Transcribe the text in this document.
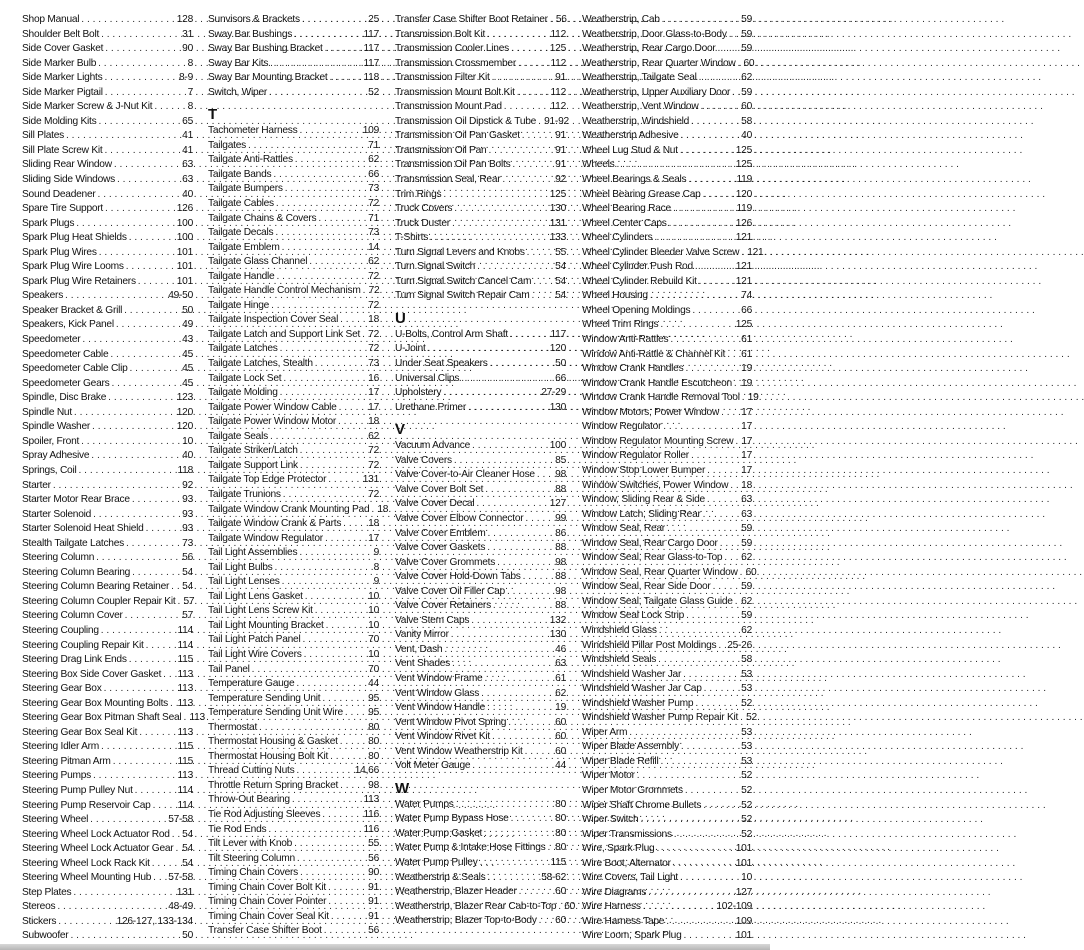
Shop Manual . . .	128
Shoulder Belt Bolt . . .	31
Side Cover Gasket . . .	90
Side Marker Bulb . . .	8
Side Marker Lights . . .	8-9
Side Marker Pigtail . . .	7
Side Marker Screw & J-Nut Kit . . .	8
Side Molding Kits . . .	65
Sill Plates . . .	41
Sill Plate Screw Kit . . .	41
Sliding Rear Window . . .	63
Sliding Side Windows . . .	63
Sound Deadener . . .	40
Spare Tire Support . . .	126
Spark Plugs . . .	100
Spark Plug Heat Shields . . .	100
Spark Plug Wires . . .	101
Spark Plug Wire Looms . . .	101
Spark Plug Wire Retainers . . .	101
Speakers . . .	49-50
Speaker Bracket & Grill . . .	50
Speakers, Kick Panel . . .	49
Speedometer . . .	43
Speedometer Cable . . .	45
Speedometer Cable Clip . . .	45
Speedometer Gears . . .	45
Spindle, Disc Brake . . .	123
Spindle Nut . . .	120
Spindle Washer . . .	120
Spoiler, Front . . .	10
Spray Adhesive . . .	40
Springs, Coil . . .	118
Starter . . .	92
Starter Motor Rear Brace . . .	93
Starter Solenoid . . .	93
Starter Solenoid Heat Shield . . .	93
Stealth Tailgate Latches . . .	73
Steering Column . . .	56
Steering Column Bearing . . .	54
Steering Column Bearing Retainer . . . 54
Steering Column Coupler Repair Kit . . . 57
Steering Column Cover . . .	57
Steering Coupling . . .	114
Steering Coupling Repair Kit . . .	114
Steering Drag Link Ends . . .	115
Steering Box Side Cover Gasket . . . 113
Steering Gear Box . . .	113
Steering Gear Box Mounting Bolts . . . 113
Steering Gear Box Pitman Shaft Seal . . . 113
Steering Gear Box Seal Kit . . .	113
Steering Idler Arm . . .	115
Steering Pitman Arm . . .	115
Steering Pumps . . .	113
Steering Pump Pulley Nut . . .	114
Steering Pump Reservoir Cap . . .	114
Steering Wheel . . .	57-58
Steering Wheel Lock Actuator Rod . . . 54
Steering Wheel Lock Actuator Gear . . . 54
Steering Wheel Lock Rack Kit . . .	54
Steering Wheel Mounting Hub . . . 57-58
Step Plates . . .	131
Stereos . . .	48-49
Stickers . . .	126-127, 133-134
Subwoofer . . .	50
Sunvisors & Brackets . . .	25
Sway Bar Bushings . . .	117
Sway Bar Bushing Bracket . . .	117
Sway Bar Kits . . .	117
Sway Bar Mounting Bracket . . .	118
Switch, Wiper . . .	52
T
Tachometer Harness . . .	109
Tailgates . . .	71
Tailgate Anti-Rattles . . .	62
Tailgate Bands . . .	66
Tailgate Bumpers . . .	73
Tailgate Cables . . .	72
Tailgate Chains & Covers . . .	71
Tailgate Decals . . .	73
Tailgate Emblem . . .	14
Tailgate Glass Channel . . .	62
Tailgate Handle . . .	72
Tailgate Handle Control Mechanism . . . 72
Tailgate Hinge . . .	72
Tailgate Inspection Cover Seal . . .	18
Tailgate Latch and Support Link Set . . . 72
Tailgate Latches . . .	72
Tailgate Latches, Stealth . . .	73
Tailgate Lock Set . . .	16
Tailgate Molding . . .	17
Tailgate Power Window Cable . . .	17
Tailgate Power Window Motor . . .	18
Tailgate Seals . . .	62
Tailgate Striker/Latch . . .	72
Tailgate Support Link . . .	72
Tailgate Top Edge Protector . . .	131
Tailgate Trunions . . .	72
Tailgate Window Crank Mounting Pad . . . 18
Tailgate Window Crank & Parts . . .	18
Tailgate Window Regulator . . .	17
Tail Light Assemblies . . .	9
Tail Light Bulbs . . .	8
Tail Light Lenses . . .	9
Tail Light Lens Gasket . . .	10
Tail Light Lens Screw Kit . . .	10
Tail Light Mounting Bracket . . .	10
Tail Light Patch Panel . . .	70
Tail Light Wire Covers . . .	10
Tail Panel . . .	70
Temperature Gauge . . .	44
Temperature Sending Unit . . .	95
Temperature Sending Unit Wire . . . 95
Thermostat . . .	80
Thermostat Housing & Gasket . . .	80
Thermostat Housing Bolt Kit . . .	80
Thread Cutting Nuts . . .	14,66
Throttle Return Spring Bracket . . .	98
Throw-Out Bearing . . .	113
Tie Rod Adjusting Sleeves . . .	116
Tie Rod Ends . . .	116
Tilt Lever with Knob . . .	55
Tilt Steering Column . . .	56
Timing Chain Covers . . .	90
Timing Chain Cover Bolt Kit . . .	91
Timing Chain Cover Pointer . . .	91
Timing Chain Cover Seal Kit . . .	91
Transfer Case Shifter Boot . . .	56
Transfer Case Shifter Boot Retainer . . . 56
Transmission Bolt Kit . . .	112
Transmission Cooler Lines . . .	125
Transmission Crossmember . . .	112
Transmission Filter Kit . . .	91
Transmission Mount Bolt Kit . . .	112
Transmission Mount Pad . . .	112
Transmission Oil Dipstick & Tube . . . 91-92
Transmission Oil Pan Gasket . . .	91
Transmission Oil Pan . . .	91
Transmission Oil Pan Bolts . . .	91
Transmission Seal, Rear . . .	92
Trim Rings . . .	125
Truck Covers . . .	130
Truck Duster . . .	131
T-Shirts . . .	133
Turn Signal Levers and Knobs . . .	55
Turn Signal Switch . . .	54
Turn Signal Switch Cancel Cam . . . 54
Turn Signal Switch Repair Cam . . .	54
U
U-Bolts, Control Arm Shaft . . .	117
U-Joint . . .	120
Under Seat Speakers . . .	50
Universal Clips . . .	66
Upholstery . . .	27-29
Urethane Primer . . .	130
V
Vacuum Advance . . .	100
Valve Covers . . .	85
Valve Cover-to-Air Cleaner Hose . . . 98
Valve Cover Bolt Set . . .	88
Valve Cover Decal . . .	127
Valve Cover Elbow Connector . . .	99
Valve Cover Emblem . . .	86
Valve Cover Gaskets . . .	88
Valve Cover Grommets . . .	98
Valve Cover Hold-Down Tabs . . .	88
Valve Cover Oil Filler Cap . . .	98
Valve Cover Retainers . . .	88
Valve Stem Caps . . .	132
Vanity Mirror . . .	130
Vent, Dash . . .	46
Vent Shades . . .	63
Vent Window Frame . . .	61
Vent Window Glass . . .	62
Vent Window Handle . . .	19
Vent Window Pivot Spring . . .	60
Vent Window Rivet Kit . . .	60
Vent Window Weatherstrip Kit . . .	60
Volt Meter Gauge . . .	44
W
Water Pumps . . .	80
Water Pump Bypass Hose . . .	80
Water Pump Gasket . . .	80
Water Pump & Intake Hose Fittings . . . 80
Water Pump Pulley . . .	115
Weatherstrip & Seals . . .	58-62
Weatherstrip, Blazer Header . . .	60
Weatherstrip, Blazer Rear Cab-to-Top . . . 60
Weatherstrip, Blazer Top-to-Body . . . 60
Weatherstrip, Cab . . .	59
Weatherstrip, Door Glass-to-Body . . . 59
Weatherstrip, Rear Cargo Door . . .	59
Weatherstrip, Rear Quarter Window . . . 60
Weatherstrip, Tailgate Seal . . .	62
Weatherstrip, Upper Auxiliary Door . . . 59
Weatherstrip, Vent Window . . .	60
Weatherstrip, Windshield . . .	58
Weatherstrip Adhesive . . .	40
Wheel Lug Stud & Nut . . .	125
Wheels . . .	125
Wheel Bearings & Seals . . .	119
Wheel Bearing Grease Cap . . .	120
Wheel Bearing Race . . .	119
Wheel Center Caps . . .	126
Wheel Cylinders . . .	121
Wheel Cylinder Bleeder Valve Screw . . . 121
Wheel Cylinder Push Rod . . .	121
Wheel Cylinder Rebuild Kit . . .	121
Wheel Housing . . .	74
Wheel Opening Moldings . . .	66
Wheel Trim Rings . . .	125
Window Anti-Rattles . . .	61
Window Anti-Rattle & Channel Kit . . . 61
Window Crank Handles . . .	19
Window Crank Handle Escutcheon . . . 19
Window Crank Handle Removal Tool . . . 19
Window Motors, Power Window . . . 17
Window Regulator . . .	17
Window Regulator Mounting Screw . . . 17
Window Regulator Roller . . .	17
Window Stop Lower Bumper . . .	17
Window Switches, Power Window . . . 18
Window, Sliding Rear & Side . . .	63
Window Latch, Sliding Rear . . .	63
Window Seal, Rear . . .	59
Window Seal, Rear Cargo Door . . . 59
Window Seal, Rear Glass-to-Top . . . 62
Window Seal, Rear Quarter Window . . . 60
Window Seal, Rear Side Door . . .	59
Window Seal, Tailgate Glass Guide . . . 62
Window Seal Lock Strip . . .	59
Windshield Glass . . .	62
Windshield Pillar Post Moldings . . . 25-26
Windshield Seals . . .	58
Windshield Washer Jar . . .	53
Windshield Washer Jar Cap . . .	53
Windshield Washer Pump . . .	52
Windshield Washer Pump Repair Kit . . . 52
Wiper Arm . . .	53
Wiper Blade Assembly . . .	53
Wiper Blade Refill . . .	53
Wiper Motor . . .	52
Wiper Motor Grommets . . .	52
Wiper Shaft Chrome Bullets . . .	52
Wiper Switch . . .	52
Wiper Transmissions . . .	52
Wire, Spark Plug . . .	101
Wire Boot, Alternator . . .	101
Wire Covers, Tail Light . . .	10
Wire Diagrams . . .	127
Wire Harness . . .	102-109
Wire Harness Tape . . .	109
Wire Loom, Spark Plug . . .	101
